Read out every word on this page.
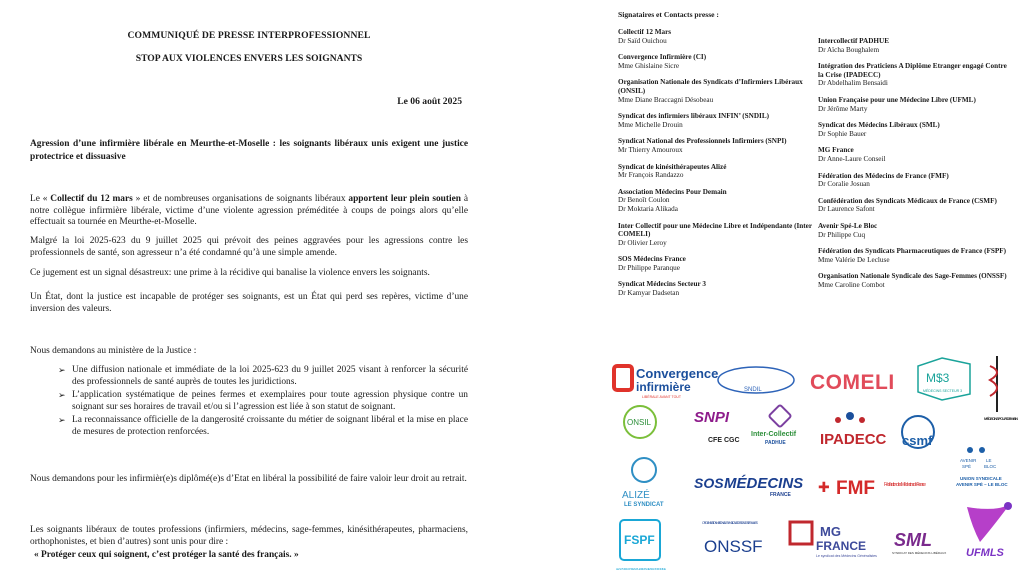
COMMUNIQUÉ DE PRESSE INTERPROFESSIONNEL
STOP AUX VIOLENCES ENVERS LES SOIGNANTS
Le 06 août 2025
Agression d’une infirmière libérale en Meurthe-et-Moselle : les soignants libéraux unis exigent une justice protectrice et dissuasive
Le « Collectif du 12 mars » et de nombreuses organisations de soignants libéraux apportent leur plein soutien à notre collègue infirmière libérale, victime d’une violente agression préméditée à coups de poings alors qu’elle effectuait sa tournée en Meurthe-et-Moselle.
Malgré la loi 2025-623 du 9 juillet 2025 qui prévoit des peines aggravées pour les agressions contre les professionnels de santé, son agresseur n’a été condamné qu’à une simple amende.
Ce jugement est un signal désastreux: une prime à la récidive qui banalise la violence envers les soignants.
Un État, dont la justice est incapable de protéger ses soignants, est un État qui perd ses repères, victime d’une inversion des valeurs.
Nous demandons au ministère de la Justice :
➢ Une diffusion nationale et immédiate de la loi 2025-623 du 9 juillet 2025 visant à renforcer la sécurité des professionnels de santé auprès de toutes les juridictions.
➢ L’application systématique de peines fermes et exemplaires pour toute agression physique contre un soignant sur ses horaires de travail et/ou si l’agression est liée à son statut de soignant.
➢ La reconnaissance officielle de la dangerosité croissante du métier de soignant libéral et la mise en place de mesures de protection renforcées.
Nous demandons pour les infirmièr(e)s diplômé(e)s d’Etat en libéral la possibilité de faire valoir leur droit au retrait.
Les soignants libéraux de toutes professions (infirmiers, médecins, sage-femmes, kinésithérapeutes, pharmaciens, orthophonistes, et bien d’autres) sont unis pour dire :
« Protéger ceux qui soignent, c’est protéger la santé des français. »
Signataires et Contacts presse :
Collectif 12 Mars
Dr Saïd Ouichou
Convergence Infirmière (CI)
Mme Ghislaine Sicre
Organisation Nationale des Syndicats d’Infirmiers Libéraux (ONSIL)
Mme Diane Braccagni Désobeau
Syndicat des infirmiers libéraux INFIN’ (SNDIL)
Mme Michelle Drouin
Syndicat National des Professionnels Infirmiers (SNPI)
Mr Thierry Amouroux
Syndicat de kinésithérapeutes Alizé
Mr François Randazzo
Association Médecins Pour Demain
Dr Benoît Coulon
Dr Moktaria Alikada
Inter Collectif pour une Médecine Libre et Indépendante (Inter COMELI)
Dr Olivier Leroy
SOS Médecins France
Dr Philippe Paranque
Syndicat Médecins Secteur 3
Dr Kamyar Dadsetan
Intercollectif PADHUE
Dr Aïcha Boughalem
Intégration des Praticiens A Diplôme Etranger engagé Contre la Crise (IPADECC)
Dr Abdelhalim Bensaidi
Union Française pour une Médecine Libre (UFML)
Dr Jérôme Marty
Syndicat des Médecins Libéraux (SML)
Dr Sophie Bauer
MG France
Dr Anne-Laure Conseil
Fédération des Médecins de France (FMF)
Dr Coralie Josuan
Confédération des Syndicats Médicaux de France (CSMF)
Dr Laurence Safont
Avenir Spé-Le Bloc
Dr Philippe Cuq
Fédération des Syndicats Pharmaceutiques de France (FSPF)
Mme Valérie De Lecluse
Organisation Nationale Syndicale des Sage-Femmes (ONSSF)
Mme Caroline Combot
Convergence
infirmière
LIBÉRALE AVANT TOUT
SNDIL COMELI	M$3
MÉDECINS SECTEUR 3
MÉDECINS POUR DEMAIN
ONSIL	SNPI
CFE CGC
Inter-Collectif
PADHUE IPADECC csmf
AVENIR
SPÉ
LE
BLOC
UNION SYNDICALE
AVENIR SPÉ – LE BLOC
ALIZÉ
LE SYNDICAT
SOS MÉDECINS
FRANCE ✚ FMF Fédération des Médecins de France
FSPF
LE SYNDICAT DES PHARMACIENS D'OFFICINE
ORGANISATION NATIONALE SYNDICALE DES SAGES-FEMMES
ONSSF
MG
FRANCE
Le syndicat des Médecins Généralistes
SML
SYNDICAT DES MÉDECINS LIBÉRAUX UFMLS
